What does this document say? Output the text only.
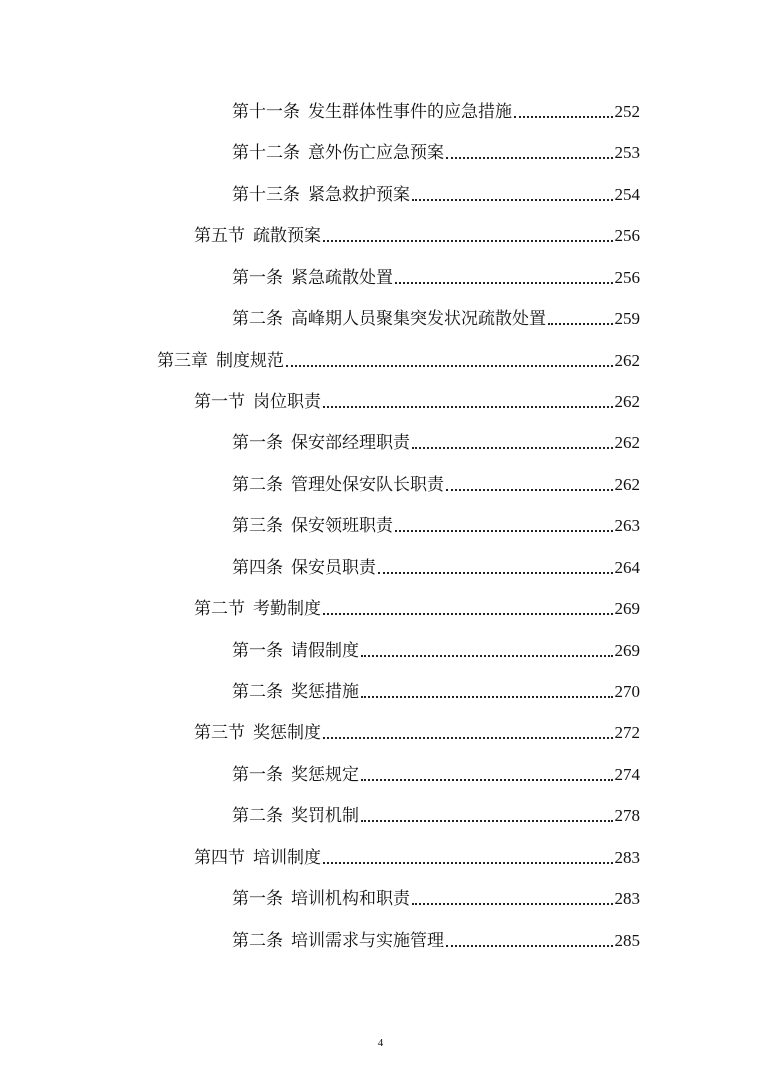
第十一条 发生群体性事件的应急措施	252
第十二条 意外伤亡应急预案	253
第十三条 紧急救护预案	254
第五节 疏散预案	256
第一条 紧急疏散处置	256
第二条 高峰期人员聚集突发状况疏散处置	259
第三章 制度规范	262
第一节 岗位职责	262
第一条 保安部经理职责	262
第二条 管理处保安队长职责	262
第三条 保安领班职责	263
第四条 保安员职责	264
第二节 考勤制度	269
第一条 请假制度	269
第二条 奖惩措施	270
第三节 奖惩制度	272
第一条 奖惩规定	274
第二条 奖罚机制	278
第四节 培训制度	283
第一条 培训机构和职责	283
第二条 培训需求与实施管理	285
4
